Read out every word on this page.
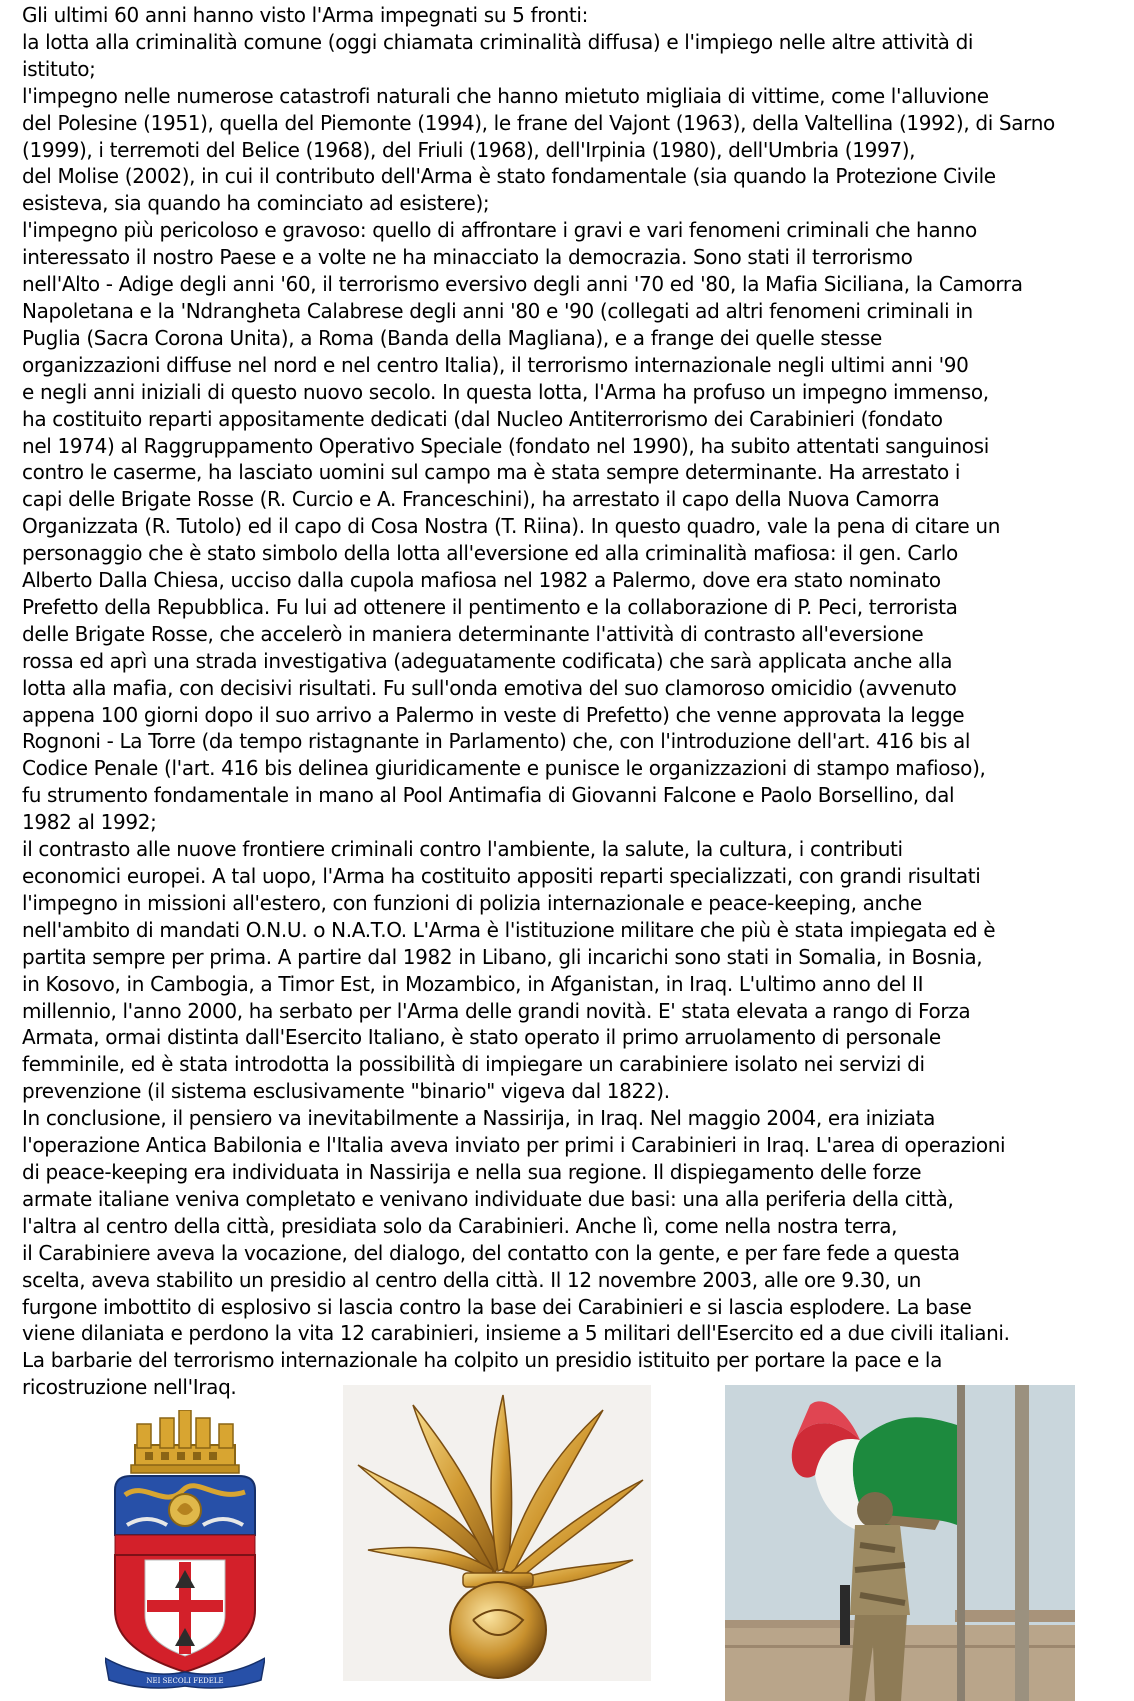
Gli ultimi 60 anni hanno visto l'Arma impegnati su 5 fronti:
la lotta alla criminalità comune (oggi chiamata criminalità diffusa) e l'impiego nelle altre attività di
istituto;
l'impegno nelle numerose catastrofi naturali che hanno mietuto migliaia di vittime, come l'alluvione
del Polesine (1951), quella del Piemonte (1994), le frane del Vajont (1963), della Valtellina (1992), di Sarno
(1999), i terremoti del Belice (1968), del Friuli (1968), dell'Irpinia (1980), dell'Umbria (1997),
del Molise (2002), in cui il contributo dell'Arma è stato fondamentale (sia quando la Protezione Civile
esisteva, sia quando ha cominciato ad esistere);
l'impegno più pericoloso e gravoso: quello di affrontare i gravi e vari fenomeni criminali che hanno
interessato il nostro Paese e a volte ne ha minacciato la democrazia. Sono stati il terrorismo
nell'Alto - Adige degli anni '60, il terrorismo eversivo degli anni '70 ed '80, la Mafia Siciliana, la Camorra
Napoletana e la 'Ndrangheta Calabrese degli anni '80 e '90 (collegati ad altri fenomeni criminali in
Puglia (Sacra Corona Unita), a Roma (Banda della Magliana), e a frange dei quelle stesse
organizzazioni diffuse nel nord e nel centro Italia), il terrorismo internazionale negli ultimi anni '90
e negli anni iniziali di questo nuovo secolo. In questa lotta, l'Arma ha profuso un impegno immenso,
ha costituito reparti appositamente dedicati (dal Nucleo Antiterrorismo dei Carabinieri (fondato
nel 1974) al Raggruppamento Operativo Speciale (fondato nel 1990), ha subito attentati sanguinosi
contro le caserme, ha lasciato uomini sul campo ma è stata sempre determinante. Ha arrestato i
capi delle Brigate Rosse (R. Curcio e A. Franceschini), ha arrestato il capo della Nuova Camorra
Organizzata (R. Tutolo) ed il capo di Cosa Nostra (T. Riina). In questo quadro, vale la pena di citare un
personaggio che è stato simbolo della lotta all'eversione ed alla criminalità mafiosa: il gen. Carlo
Alberto Dalla Chiesa, ucciso dalla cupola mafiosa nel 1982 a Palermo, dove era stato nominato
Prefetto della Repubblica. Fu lui ad ottenere il pentimento e la collaborazione di P. Peci, terrorista
delle Brigate Rosse, che accelerò in maniera determinante l'attività di contrasto all'eversione
rossa ed aprì una strada investigativa (adeguatamente codificata) che sarà applicata anche alla
lotta alla mafia, con decisivi risultati. Fu sull'onda emotiva del suo clamoroso omicidio (avvenuto
appena 100 giorni dopo il suo arrivo a Palermo in veste di Prefetto) che venne approvata la legge
Rognoni - La Torre (da tempo ristagnante in Parlamento) che, con l'introduzione dell'art. 416 bis al
Codice Penale (l'art. 416 bis delinea giuridicamente e punisce le organizzazioni di stampo mafioso),
fu strumento fondamentale in mano al Pool Antimafia di Giovanni Falcone e Paolo Borsellino, dal
1982 al 1992;
il contrasto alle nuove frontiere criminali contro l'ambiente, la salute, la cultura, i contributi
economici europei. A tal uopo, l'Arma ha costituito appositi reparti specializzati, con grandi risultati
l'impegno in missioni all'estero, con funzioni di polizia internazionale e peace-keeping, anche
nell'ambito di mandati O.N.U. o N.A.T.O. L'Arma è l'istituzione militare che più è stata impiegata ed è
partita sempre per prima. A partire dal 1982 in Libano, gli incarichi sono stati in Somalia, in Bosnia,
in Kosovo, in Cambogia, a Timor Est, in Mozambico, in Afganistan, in Iraq. L'ultimo anno del II
millennio, l'anno 2000, ha serbato per l'Arma delle grandi novità. E' stata elevata a rango di Forza
Armata, ormai distinta dall'Esercito Italiano, è stato operato il primo arruolamento di personale
femminile, ed è stata introdotta la possibilità di impiegare un carabiniere isolato nei servizi di
prevenzione (il sistema esclusivamente "binario" vigeva dal 1822).
In conclusione, il pensiero va inevitabilmente a Nassirija, in Iraq. Nel maggio 2004, era iniziata
l'operazione Antica Babilonia e l'Italia aveva inviato per primi i Carabinieri in Iraq. L'area di operazioni
di peace-keeping era individuata in Nassirija e nella sua regione. Il dispiegamento delle forze
armate italiane veniva completato e venivano individuate due basi: una alla periferia della città,
l'altra al centro della città, presidiata solo da Carabinieri. Anche lì, come nella nostra terra,
il Carabiniere aveva la vocazione, del dialogo, del contatto con la gente, e per fare fede a questa
scelta, aveva stabilito un presidio al centro della città. Il 12 novembre 2003, alle ore 9.30, un
furgone imbottito di esplosivo si lascia contro la base dei Carabinieri e si lascia esplodere. La base
viene dilaniata e perdono la vita 12 carabinieri, insieme a 5 militari dell'Esercito ed a due civili italiani.
La barbarie del terrorismo internazionale ha colpito un presidio istituito per portare la pace e la
ricostruzione nell'Iraq.
NEI SECOLI FEDELE
